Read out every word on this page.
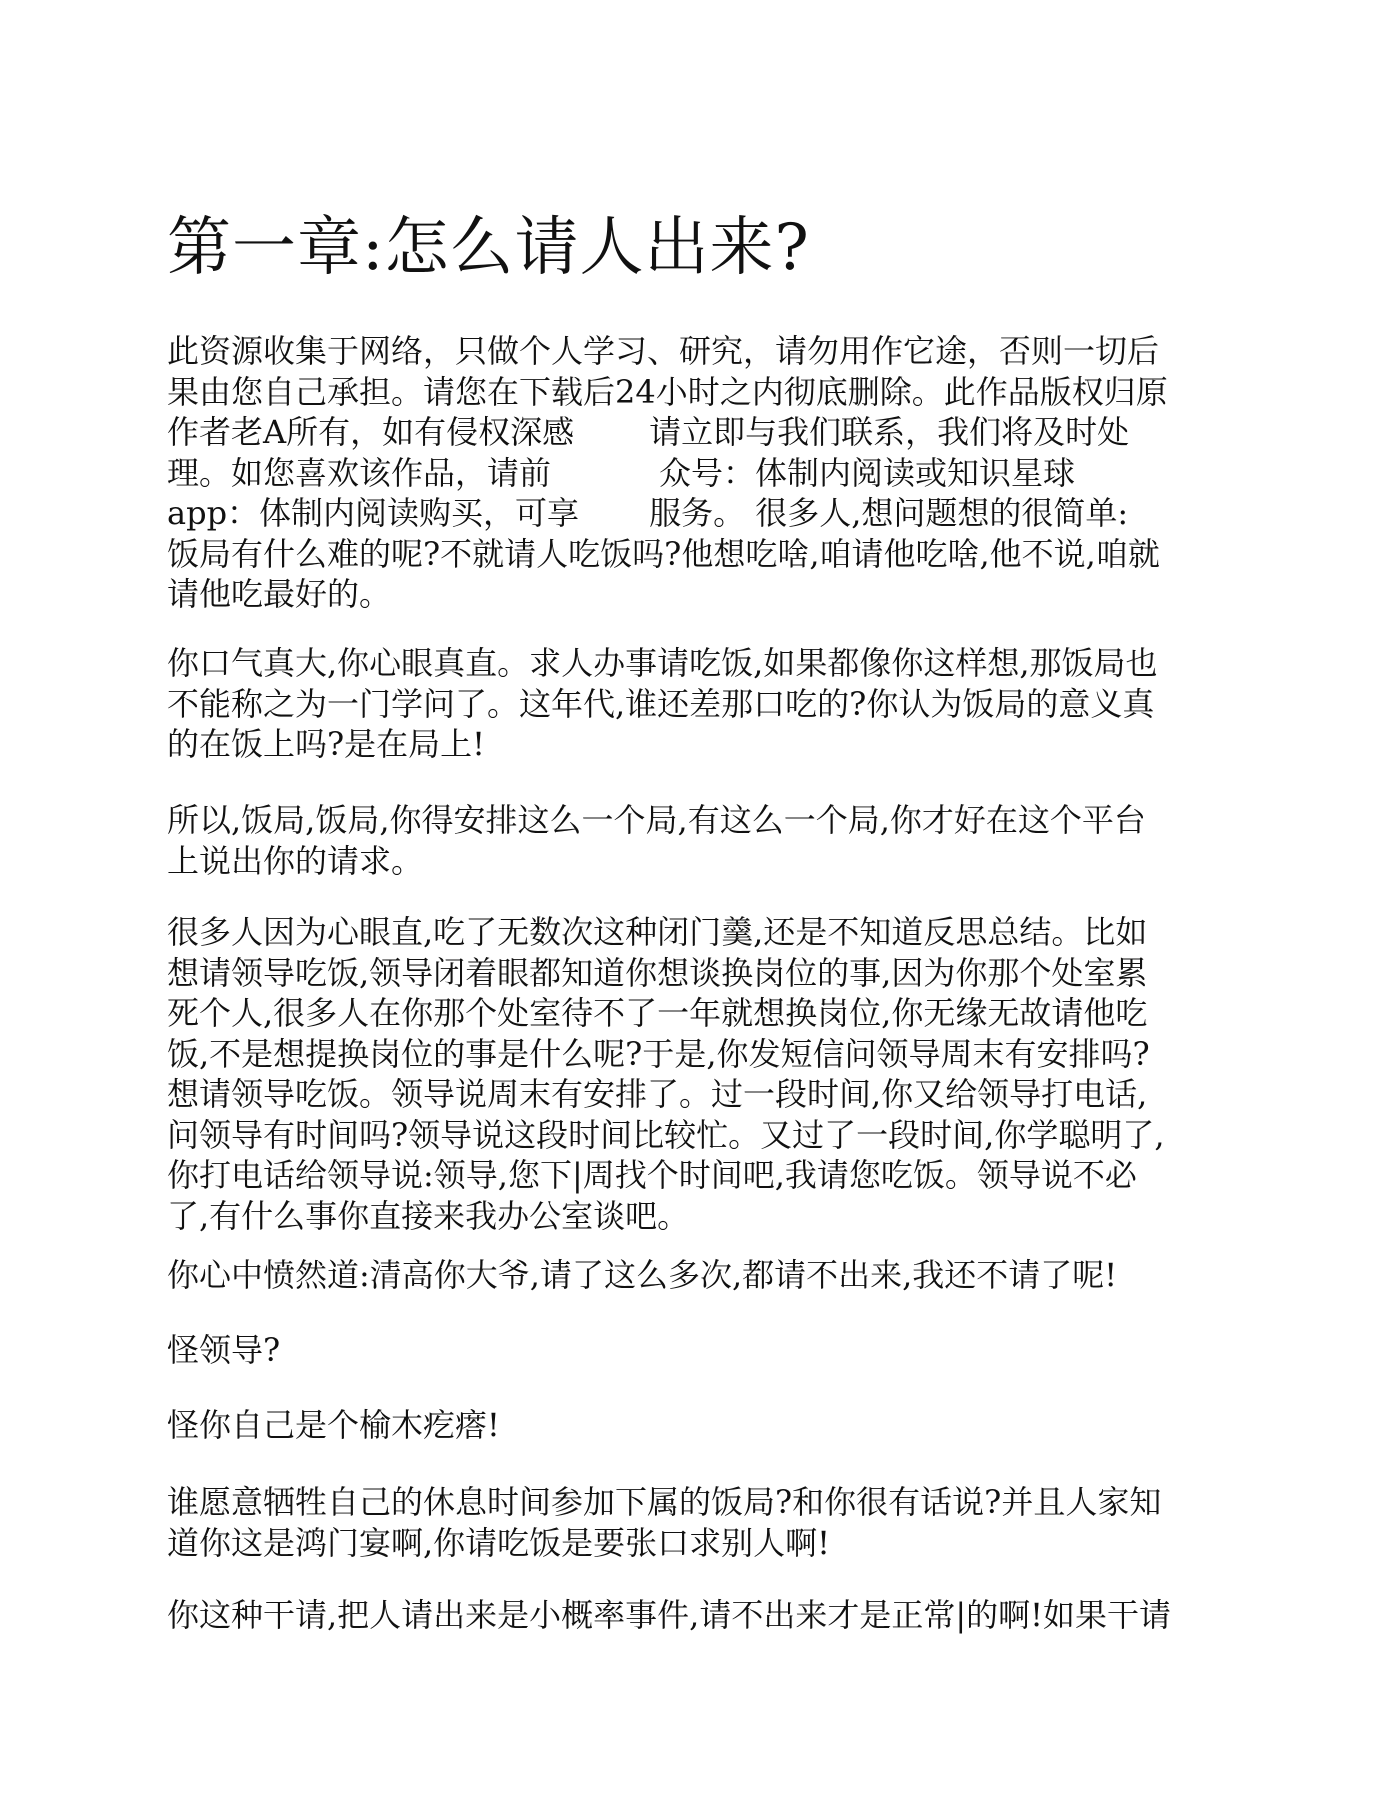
第一章:怎么请人出来?
此资源收集于网络，只做个人学习、研究，请勿用作它途，否则一切后
果由您自己承担。请您在下载后24小时之内彻底删除。此作品版权归原
作者老A所有，如有侵权深感 请立即与我们联系，我们将及时处
理。如您喜欢该作品，请前	众号：体制内阅读或知识星球
app：体制内阅读购买，可享 服务。 很多人,想问题想的很简单:
饭局有什么难的呢?不就请人吃饭吗?他想吃啥,咱请他吃啥,他不说,咱就
请他吃最好的。
你口气真大,你心眼真直。求人办事请吃饭,如果都像你这样想,那饭局也
不能称之为一门学问了。这年代,谁还差那口吃的?你认为饭局的意义真
的在饭上吗?是在局上!
所以,饭局,饭局,你得安排这么一个局,有这么一个局,你才好在这个平台
上说出你的请求。
很多人因为心眼直,吃了无数次这种闭门羹,还是不知道反思总结。比如
想请领导吃饭,领导闭着眼都知道你想谈换岗位的事,因为你那个处室累
死个人,很多人在你那个处室待不了一年就想换岗位,你无缘无故请他吃
饭,不是想提换岗位的事是什么呢?于是,你发短信问领导周末有安排吗?
想请领导吃饭。领导说周末有安排了。过一段时间,你又给领导打电话,
问领导有时间吗?领导说这段时间比较忙。又过了一段时间,你学聪明了,
你打电话给领导说:领导,您下|周找个时间吧,我请您吃饭。领导说不必
了,有什么事你直接来我办公室谈吧。
你心中愤然道:清高你大爷,请了这么多次,都请不出来,我还不请了呢!
怪领导?
怪你自己是个榆木疙瘩!
谁愿意牺牲自己的休息时间参加下属的饭局?和你很有话说?并且人家知
道你这是鸿门宴啊,你请吃饭是要张口求别人啊!
你这种干请,把人请出来是小概率事件,请不出来才是正常|的啊!如果干请
